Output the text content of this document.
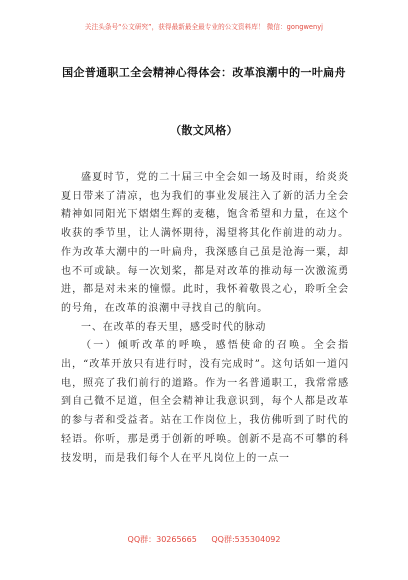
关注头条号“公文研究”，获得最新最全最专业的公文资料库！ 微信：gongwenyj
国企普通职工全会精神心得体会：改革浪潮中的一叶扁舟
（散文风格）

盛夏时节，党的二十届三中全会如一场及时雨，给炎炎夏日带来了清凉，也为我们的事业发展注入了新的活力全会精神如同阳光下熠熠生辉的麦穗，饱含希望和力量，在这个收获的季节里，让人满怀期待，渴望将其化作前进的动力。作为改革大潮中的一叶扁舟，我深感自己虽是沧海一粟，却也不可或缺。每一次划桨，都是对改革的推动每一次激流勇进，都是对未来的憧憬。此时，我怀着敬畏之心，聆听全会的号角，在改革的浪潮中寻找自己的航向。

一、在改革的春天里，感受时代的脉动

（一）倾听改革的呼唤，感悟使命的召唤。全会指出，“改革开放只有进行时，没有完成时”。这句话如一道闪电，照亮了我们前行的道路。作为一名普通职工，我常常感到自己微不足道，但全会精神让我意识到，每个人都是改革的参与者和受益者。站在工作岗位上，我仿佛听到了时代的轻语。你听，那是勇于创新的呼唤。创新不是高不可攀的科技发明，而是我们每个人在平凡岗位上的一点一

QQ群：30265665 QQ群:535304092
